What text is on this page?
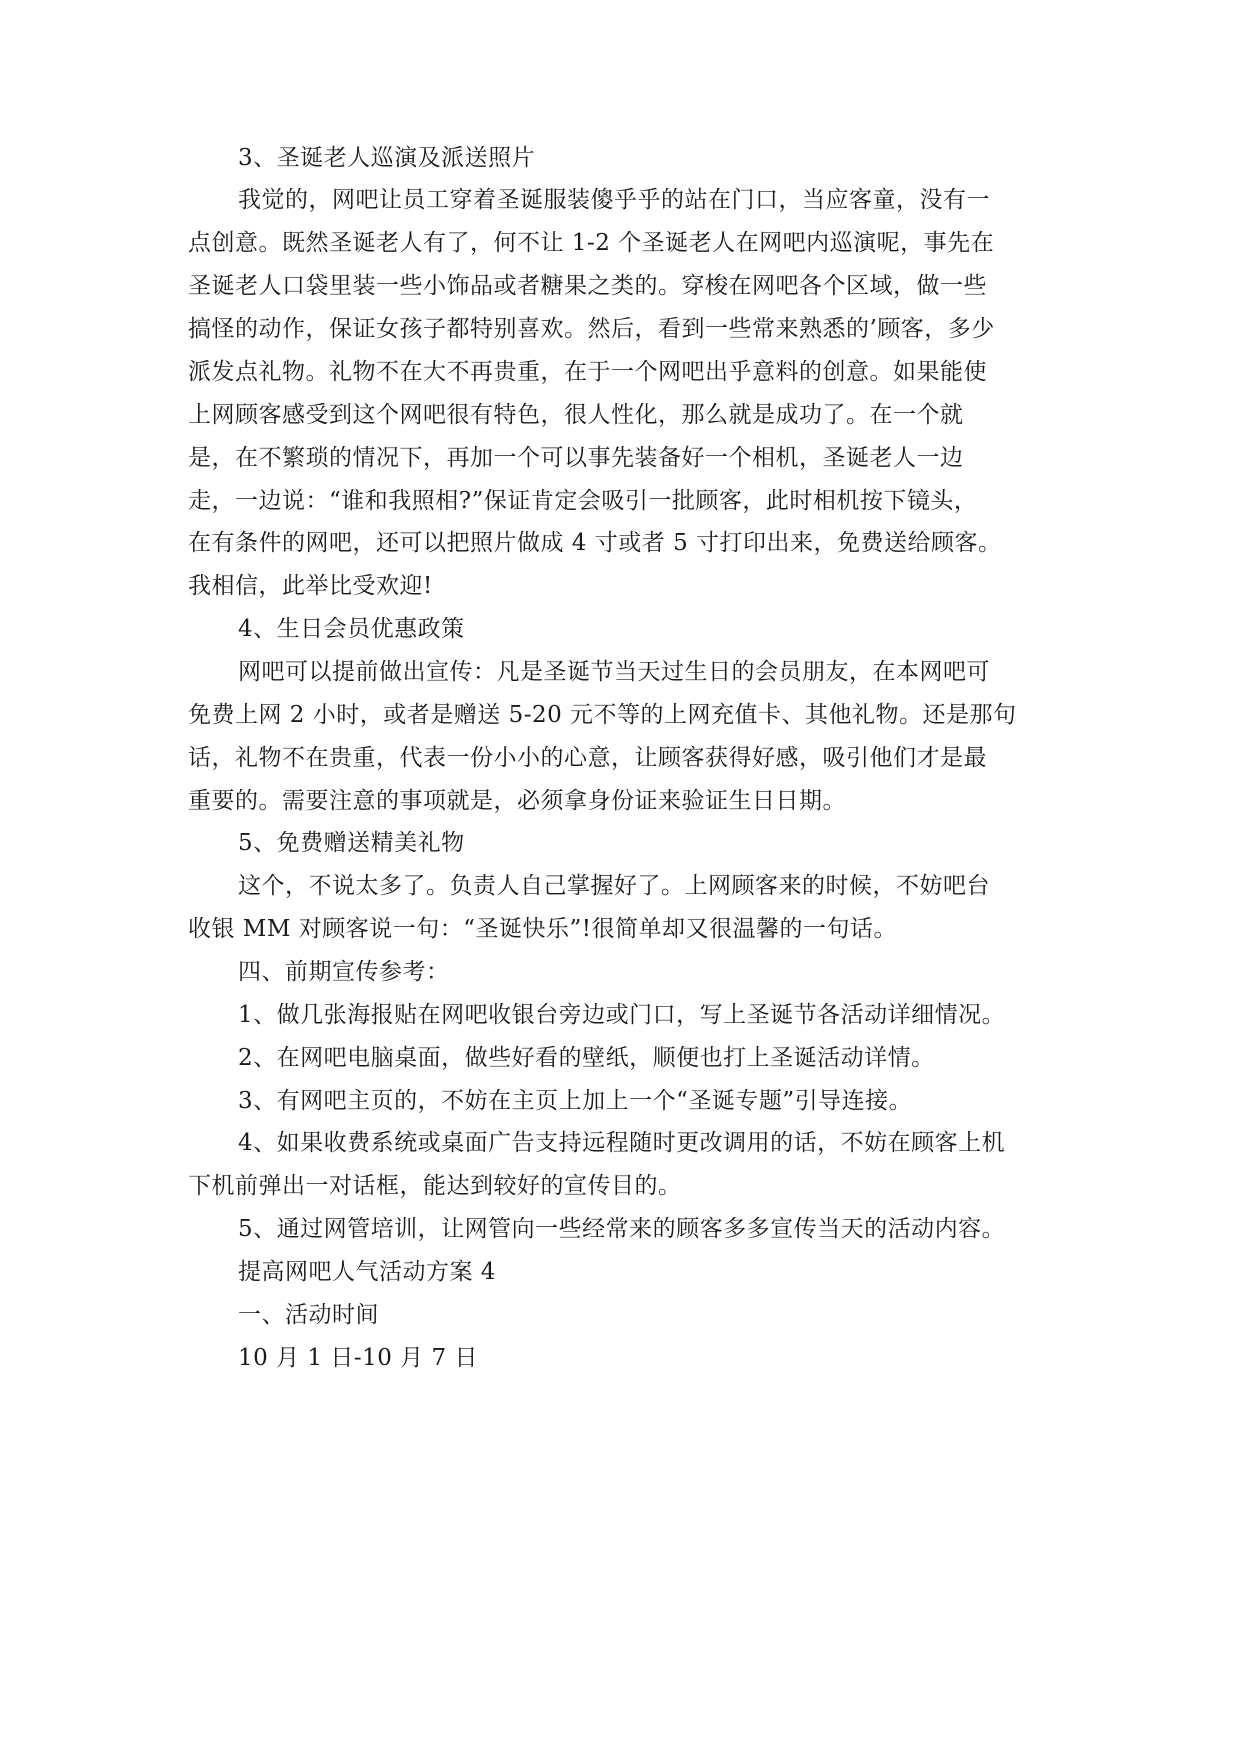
3、圣诞老人巡演及派送照片
我觉的，网吧让员工穿着圣诞服装傻乎乎的站在门口，当应客童，没有一
点创意。既然圣诞老人有了，何不让 1-2 个圣诞老人在网吧内巡演呢，事先在
圣诞老人口袋里装一些小饰品或者糖果之类的。穿梭在网吧各个区域，做一些
搞怪的动作，保证女孩子都特别喜欢。然后，看到一些常来熟悉的’顾客，多少
派发点礼物。礼物不在大不再贵重，在于一个网吧出乎意料的创意。如果能使
上网顾客感受到这个网吧很有特色，很人性化，那么就是成功了。在一个就
是，在不繁琐的情况下，再加一个可以事先装备好一个相机，圣诞老人一边
走，一边说：“谁和我照相?”保证肯定会吸引一批顾客，此时相机按下镜头，
在有条件的网吧，还可以把照片做成 4 寸或者 5 寸打印出来，免费送给顾客。
我相信，此举比受欢迎!
4、生日会员优惠政策
网吧可以提前做出宣传：凡是圣诞节当天过生日的会员朋友，在本网吧可
免费上网 2 小时，或者是赠送 5-20 元不等的上网充值卡、其他礼物。还是那句
话，礼物不在贵重，代表一份小小的心意，让顾客获得好感，吸引他们才是最
重要的。需要注意的事项就是，必须拿身份证来验证生日日期。
5、免费赠送精美礼物
这个，不说太多了。负责人自己掌握好了。上网顾客来的时候，不妨吧台
收银 MM 对顾客说一句：“圣诞快乐”!很简单却又很温馨的一句话。
四、前期宣传参考：
1、做几张海报贴在网吧收银台旁边或门口，写上圣诞节各活动详细情况。
2、在网吧电脑桌面，做些好看的壁纸，顺便也打上圣诞活动详情。
3、有网吧主页的，不妨在主页上加上一个“圣诞专题”引导连接。
4、如果收费系统或桌面广告支持远程随时更改调用的话，不妨在顾客上机
下机前弹出一对话框，能达到较好的宣传目的。
5、通过网管培训，让网管向一些经常来的顾客多多宣传当天的活动内容。
提高网吧人气活动方案 4
一、活动时间
10 月 1 日-10 月 7 日
